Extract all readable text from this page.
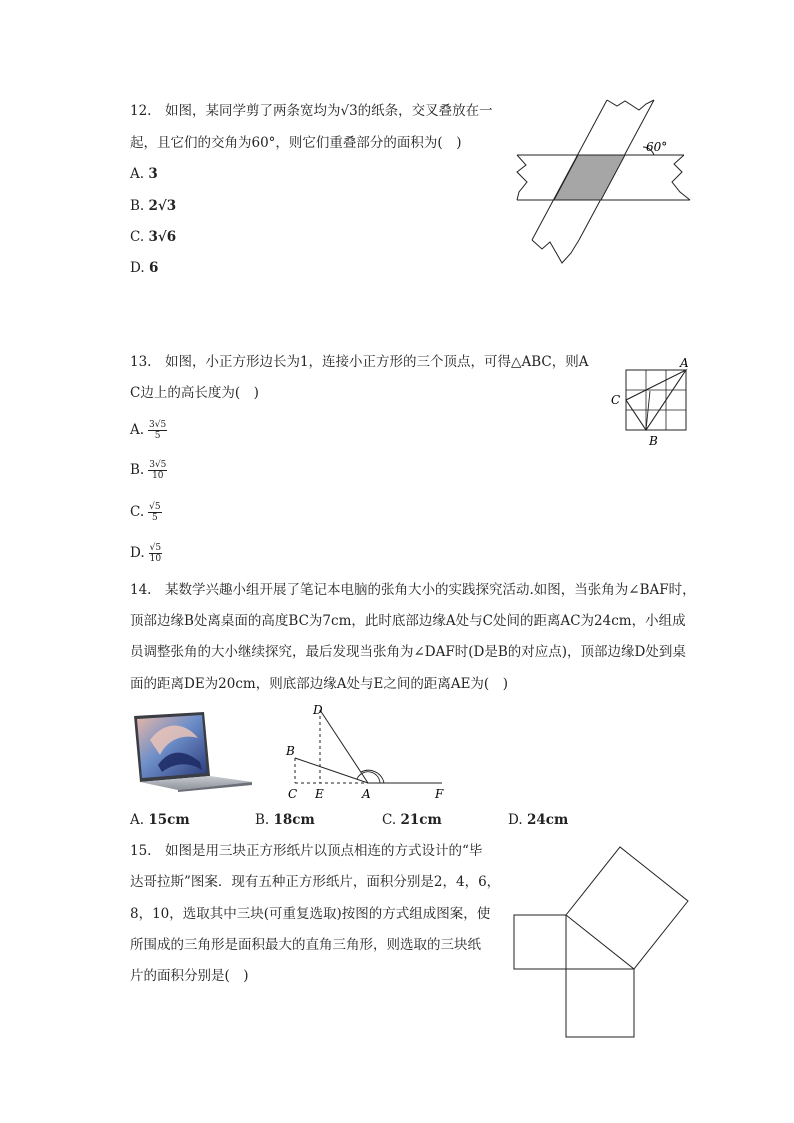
12.　如图，某同学剪了两条宽均为√3的纸条，交叉叠放在一
起，且它们的交角为60°，则它们重叠部分的面积为(　)
A. 3
B. 2√3
C. 3√6
D. 6
60°
13.　如图，小正方形边长为1，连接小正方形的三个顶点，可得△ABC，则A
C边上的高长度为(　)
A. $\frac{3√5}{5}$
B. $\frac{3√5}{10}$
C. $\frac{√5}{5}$
D. $\frac{√5}{10}$
A
B
C
14.　某数学兴趣小组开展了笔记本电脑的张角大小的实践探究活动.如图，当张角为∠BAF时，
顶部边缘B处离桌面的高度BC为7cm，此时底部边缘A处与C处间的距离AC为24cm，小组成
员调整张角的大小继续探究，最后发现当张角为∠DAF时(D是B的对应点)，顶部边缘D处到桌
面的距离DE为20cm，则底部边缘A处与E之间的距离AE为(　)
D
B
C E	A	F
A. 15cm	B. 18cm	C. 21cm	D. 24cm
15.　如图是用三块正方形纸片以顶点相连的方式设计的“毕
达哥拉斯”图案．现有五种正方形纸片，面积分别是2，4，6，
8，10，选取其中三块(可重复选取)按图的方式组成图案，使
所围成的三角形是面积最大的直角三角形，则选取的三块纸
片的面积分别是(　)
